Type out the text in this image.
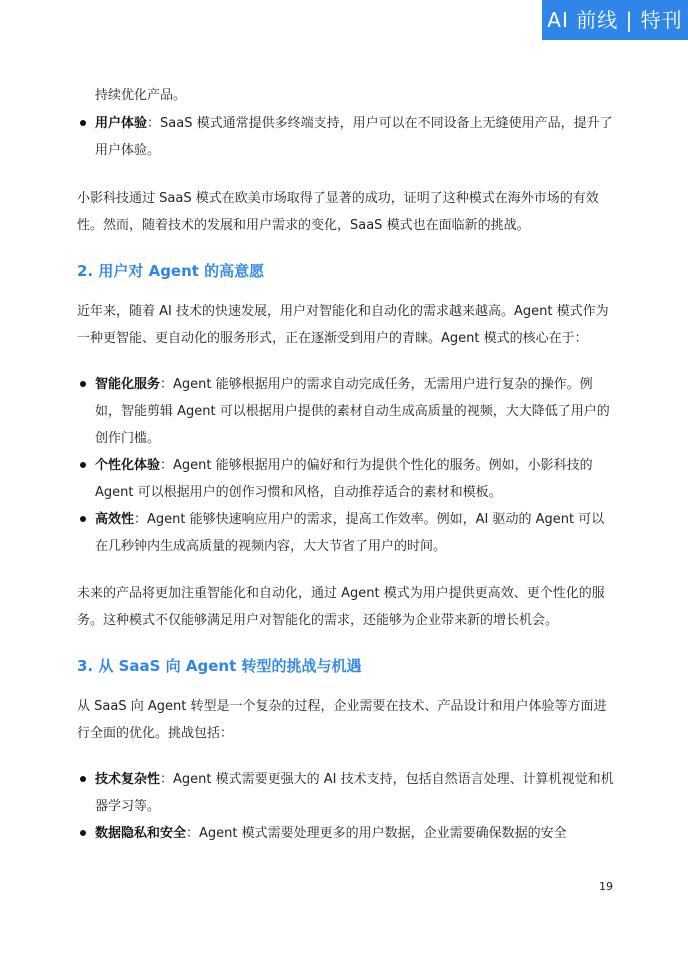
AI 前线 | 特刊
持续优化产品。
用户体验：SaaS 模式通常提供多终端支持，用户可以在不同设备上无缝使用产品，提升了用户体验。

小影科技通过 SaaS 模式在欧美市场取得了显著的成功，证明了这种模式在海外市场的有效性。然而，随着技术的发展和用户需求的变化，SaaS 模式也在面临新的挑战。

2. 用户对 Agent 的高意愿

近年来，随着 AI 技术的快速发展，用户对智能化和自动化的需求越来越高。Agent 模式作为一种更智能、更自动化的服务形式，正在逐渐受到用户的青睐。Agent 模式的核心在于：

智能化服务：Agent 能够根据用户的需求自动完成任务，无需用户进行复杂的操作。例如，智能剪辑 Agent 可以根据用户提供的素材自动生成高质量的视频，大大降低了用户的创作门槛。
个性化体验：Agent 能够根据用户的偏好和行为提供个性化的服务。例如，小影科技的 Agent 可以根据用户的创作习惯和风格，自动推荐适合的素材和模板。
高效性：Agent 能够快速响应用户的需求，提高工作效率。例如，AI 驱动的 Agent 可以在几秒钟内生成高质量的视频内容，大大节省了用户的时间。

未来的产品将更加注重智能化和自动化，通过 Agent 模式为用户提供更高效、更个性化的服务。这种模式不仅能够满足用户对智能化的需求，还能够为企业带来新的增长机会。

3. 从 SaaS 向 Agent 转型的挑战与机遇

从 SaaS 向 Agent 转型是一个复杂的过程，企业需要在技术、产品设计和用户体验等方面进行全面的优化。挑战包括：

技术复杂性：Agent 模式需要更强大的 AI 技术支持，包括自然语言处理、计算机视觉和机器学习等。
数据隐私和安全：Agent 模式需要处理更多的用户数据，企业需要确保数据的安全
19
